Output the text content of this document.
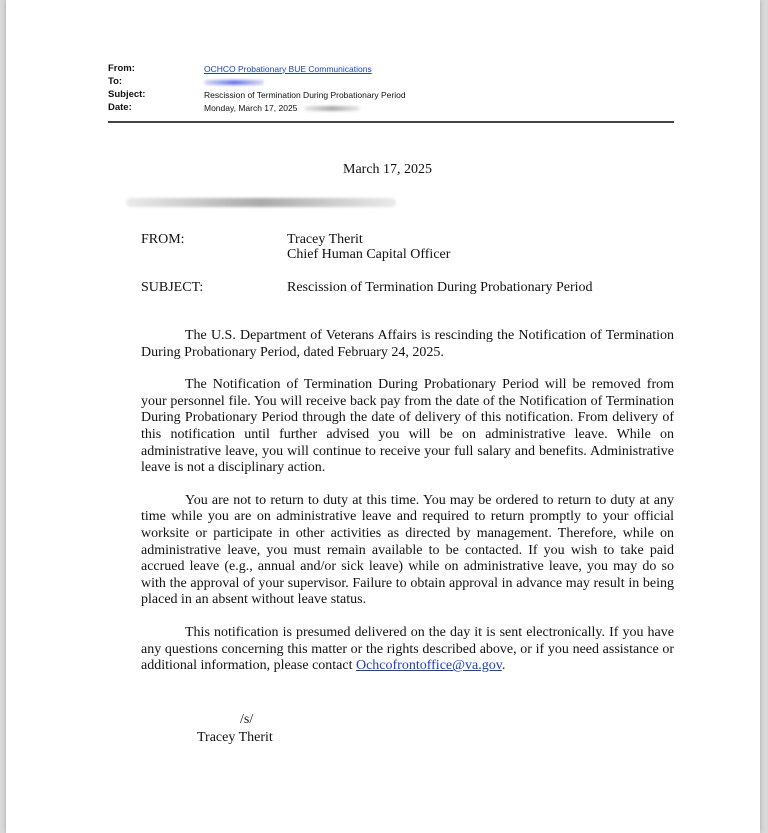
From:	OCHCO Probationary BUE Communications
To:
Subject:	Rescission of Termination During Probationary Period
Date:	Monday, March 17, 2025
March 17, 2025
FROM:	Tracey Therit
Chief Human Capital Officer
SUBJECT:	Rescission of Termination During Probationary Period

The U.S. Department of Veterans Affairs is rescinding the Notification of Termination During Probationary Period, dated February 24, 2025.

The Notification of Termination During Probationary Period will be removed from your personnel file. You will receive back pay from the date of the Notification of Termination During Probationary Period through the date of delivery of this notification. From delivery of this notification until further advised you will be on administrative leave. While on administrative leave, you will continue to receive your full salary and benefits. Administrative leave is not a disciplinary action.

You are not to return to duty at this time. You may be ordered to return to duty at any time while you are on administrative leave and required to return promptly to your official worksite or participate in other activities as directed by management. Therefore, while on administrative leave, you must remain available to be contacted. If you wish to take paid accrued leave (e.g., annual and/or sick leave) while on administrative leave, you may do so with the approval of your supervisor. Failure to obtain approval in advance may result in being placed in an absent without leave status.

This notification is presumed delivered on the day it is sent electronically. If you have any questions concerning this matter or the rights described above, or if you need assistance or additional information, please contact Ochcofrontoffice@va.gov.

/s/
Tracey Therit
